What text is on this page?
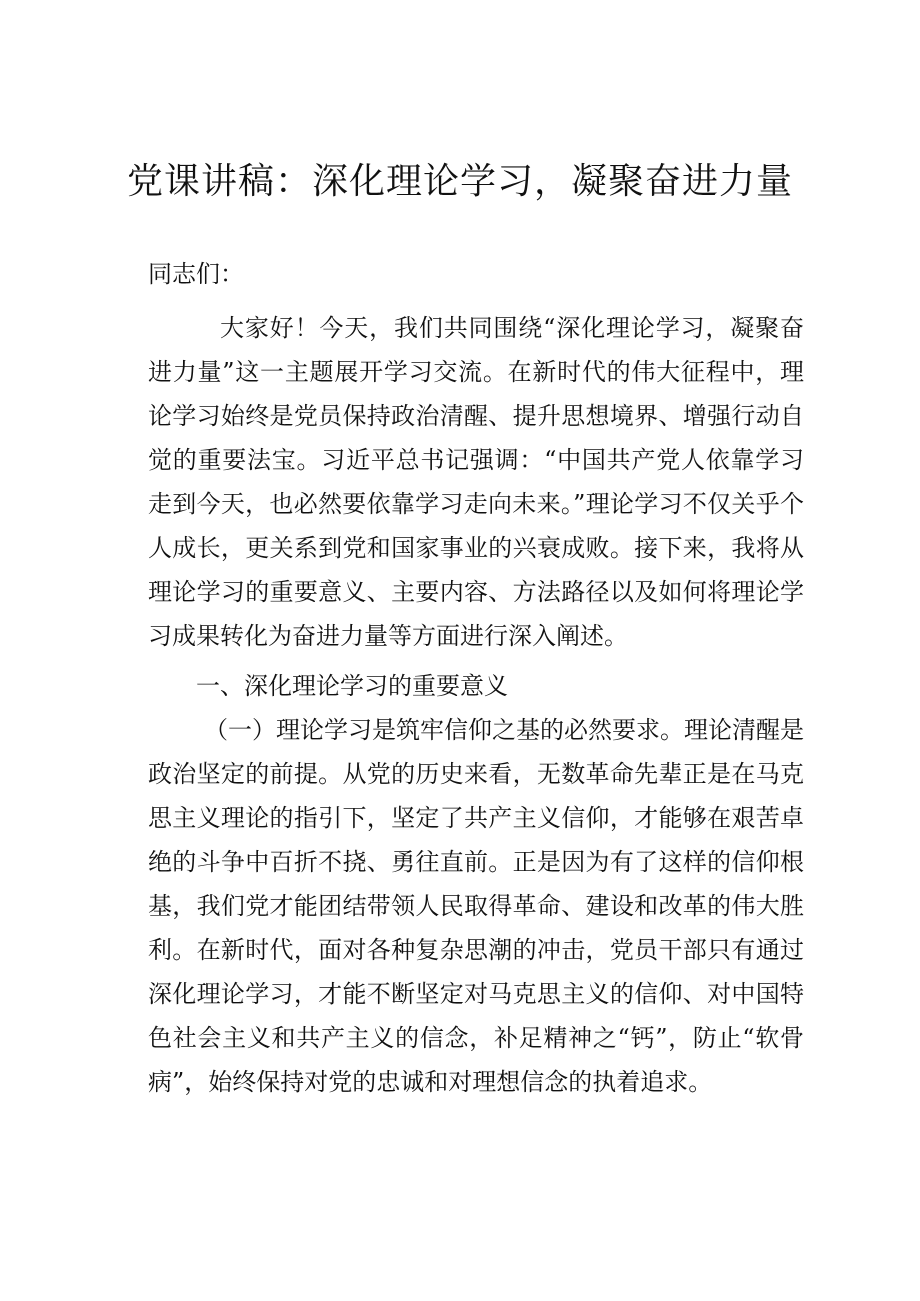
党课讲稿：深化理论学习，凝聚奋进力量

同志们：

大家好！今天，我们共同围绕“深化理论学习，凝聚奋进力量”这一主题展开学习交流。在新时代的伟大征程中，理论学习始终是党员保持政治清醒、提升思想境界、增强行动自觉的重要法宝。习近平总书记强调：“中国共产党人依靠学习走到今天，也必然要依靠学习走向未来。”理论学习不仅关乎个人成长，更关系到党和国家事业的兴衰成败。接下来，我将从理论学习的重要意义、主要内容、方法路径以及如何将理论学习成果转化为奋进力量等方面进行深入阐述。

一、深化理论学习的重要意义

（一）理论学习是筑牢信仰之基的必然要求。理论清醒是政治坚定的前提。从党的历史来看，无数革命先辈正是在马克思主义理论的指引下，坚定了共产主义信仰，才能够在艰苦卓绝的斗争中百折不挠、勇往直前。正是因为有了这样的信仰根基，我们党才能团结带领人民取得革命、建设和改革的伟大胜利。在新时代，面对各种复杂思潮的冲击，党员干部只有通过深化理论学习，才能不断坚定对马克思主义的信仰、对中国特色社会主义和共产主义的信念，补足精神之“钙”，防止“软骨病”，始终保持对党的忠诚和对理想信念的执着追求。
